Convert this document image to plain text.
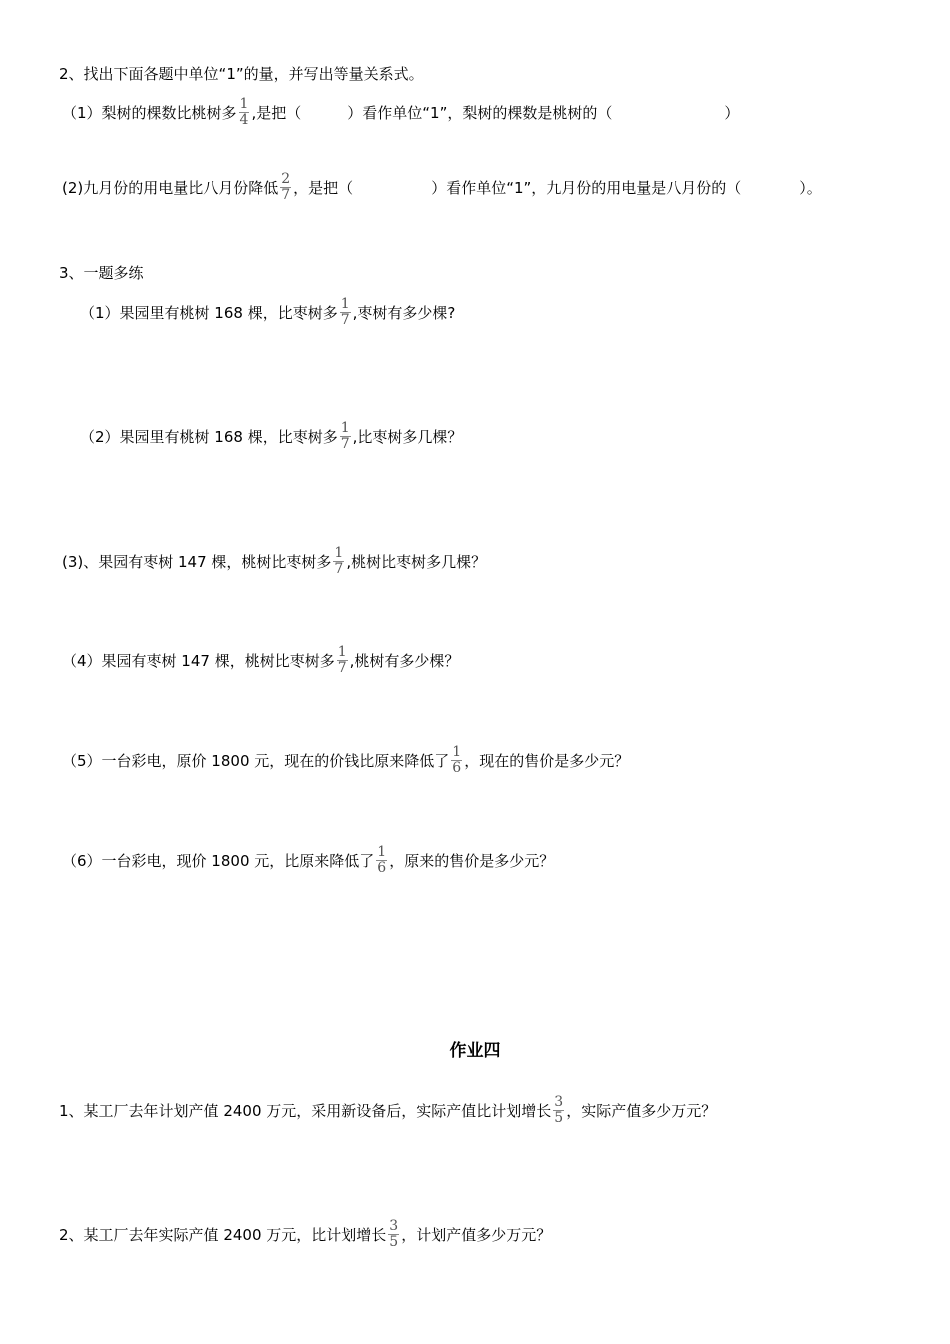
2、找出下面各题中单位“1”的量，并写出等量关系式。
（1）梨树的棵数比桃树多 $\frac{1}{4}$ ,是把（	）看作单位“1”，梨树的棵数是桃树的（	）
(2)九月份的用电量比八月份降低 $\frac{2}{7}$ ，是把（	）看作单位“1”，九月份的用电量是八月份的（	）。
3、一题多练
（1）果园里有桃树 168 棵，比枣树多 $\frac{1}{7}$ ,枣树有多少棵?
（2）果园里有桃树 168 棵，比枣树多 $\frac{1}{7}$ ,比枣树多几棵？
(3)、果园有枣树 147 棵，桃树比枣树多 $\frac{1}{7}$ ,桃树比枣树多几棵？
（4）果园有枣树 147 棵，桃树比枣树多 $\frac{1}{7}$ ,桃树有多少棵？
（5）一台彩电，原价 1800 元，现在的价钱比原来降低了 $\frac{1}{6}$ ，现在的售价是多少元？
（6）一台彩电，现价 1800 元，比原来降低了 $\frac{1}{6}$ ，原来的售价是多少元？
作业四
1、某工厂去年计划产值 2400 万元，采用新设备后，实际产值比计划增长 $\frac{3}{5}$ ，实际产值多少万元？
2、某工厂去年实际产值 2400 万元，比计划增长 $\frac{3}{5}$ ，计划产值多少万元？
